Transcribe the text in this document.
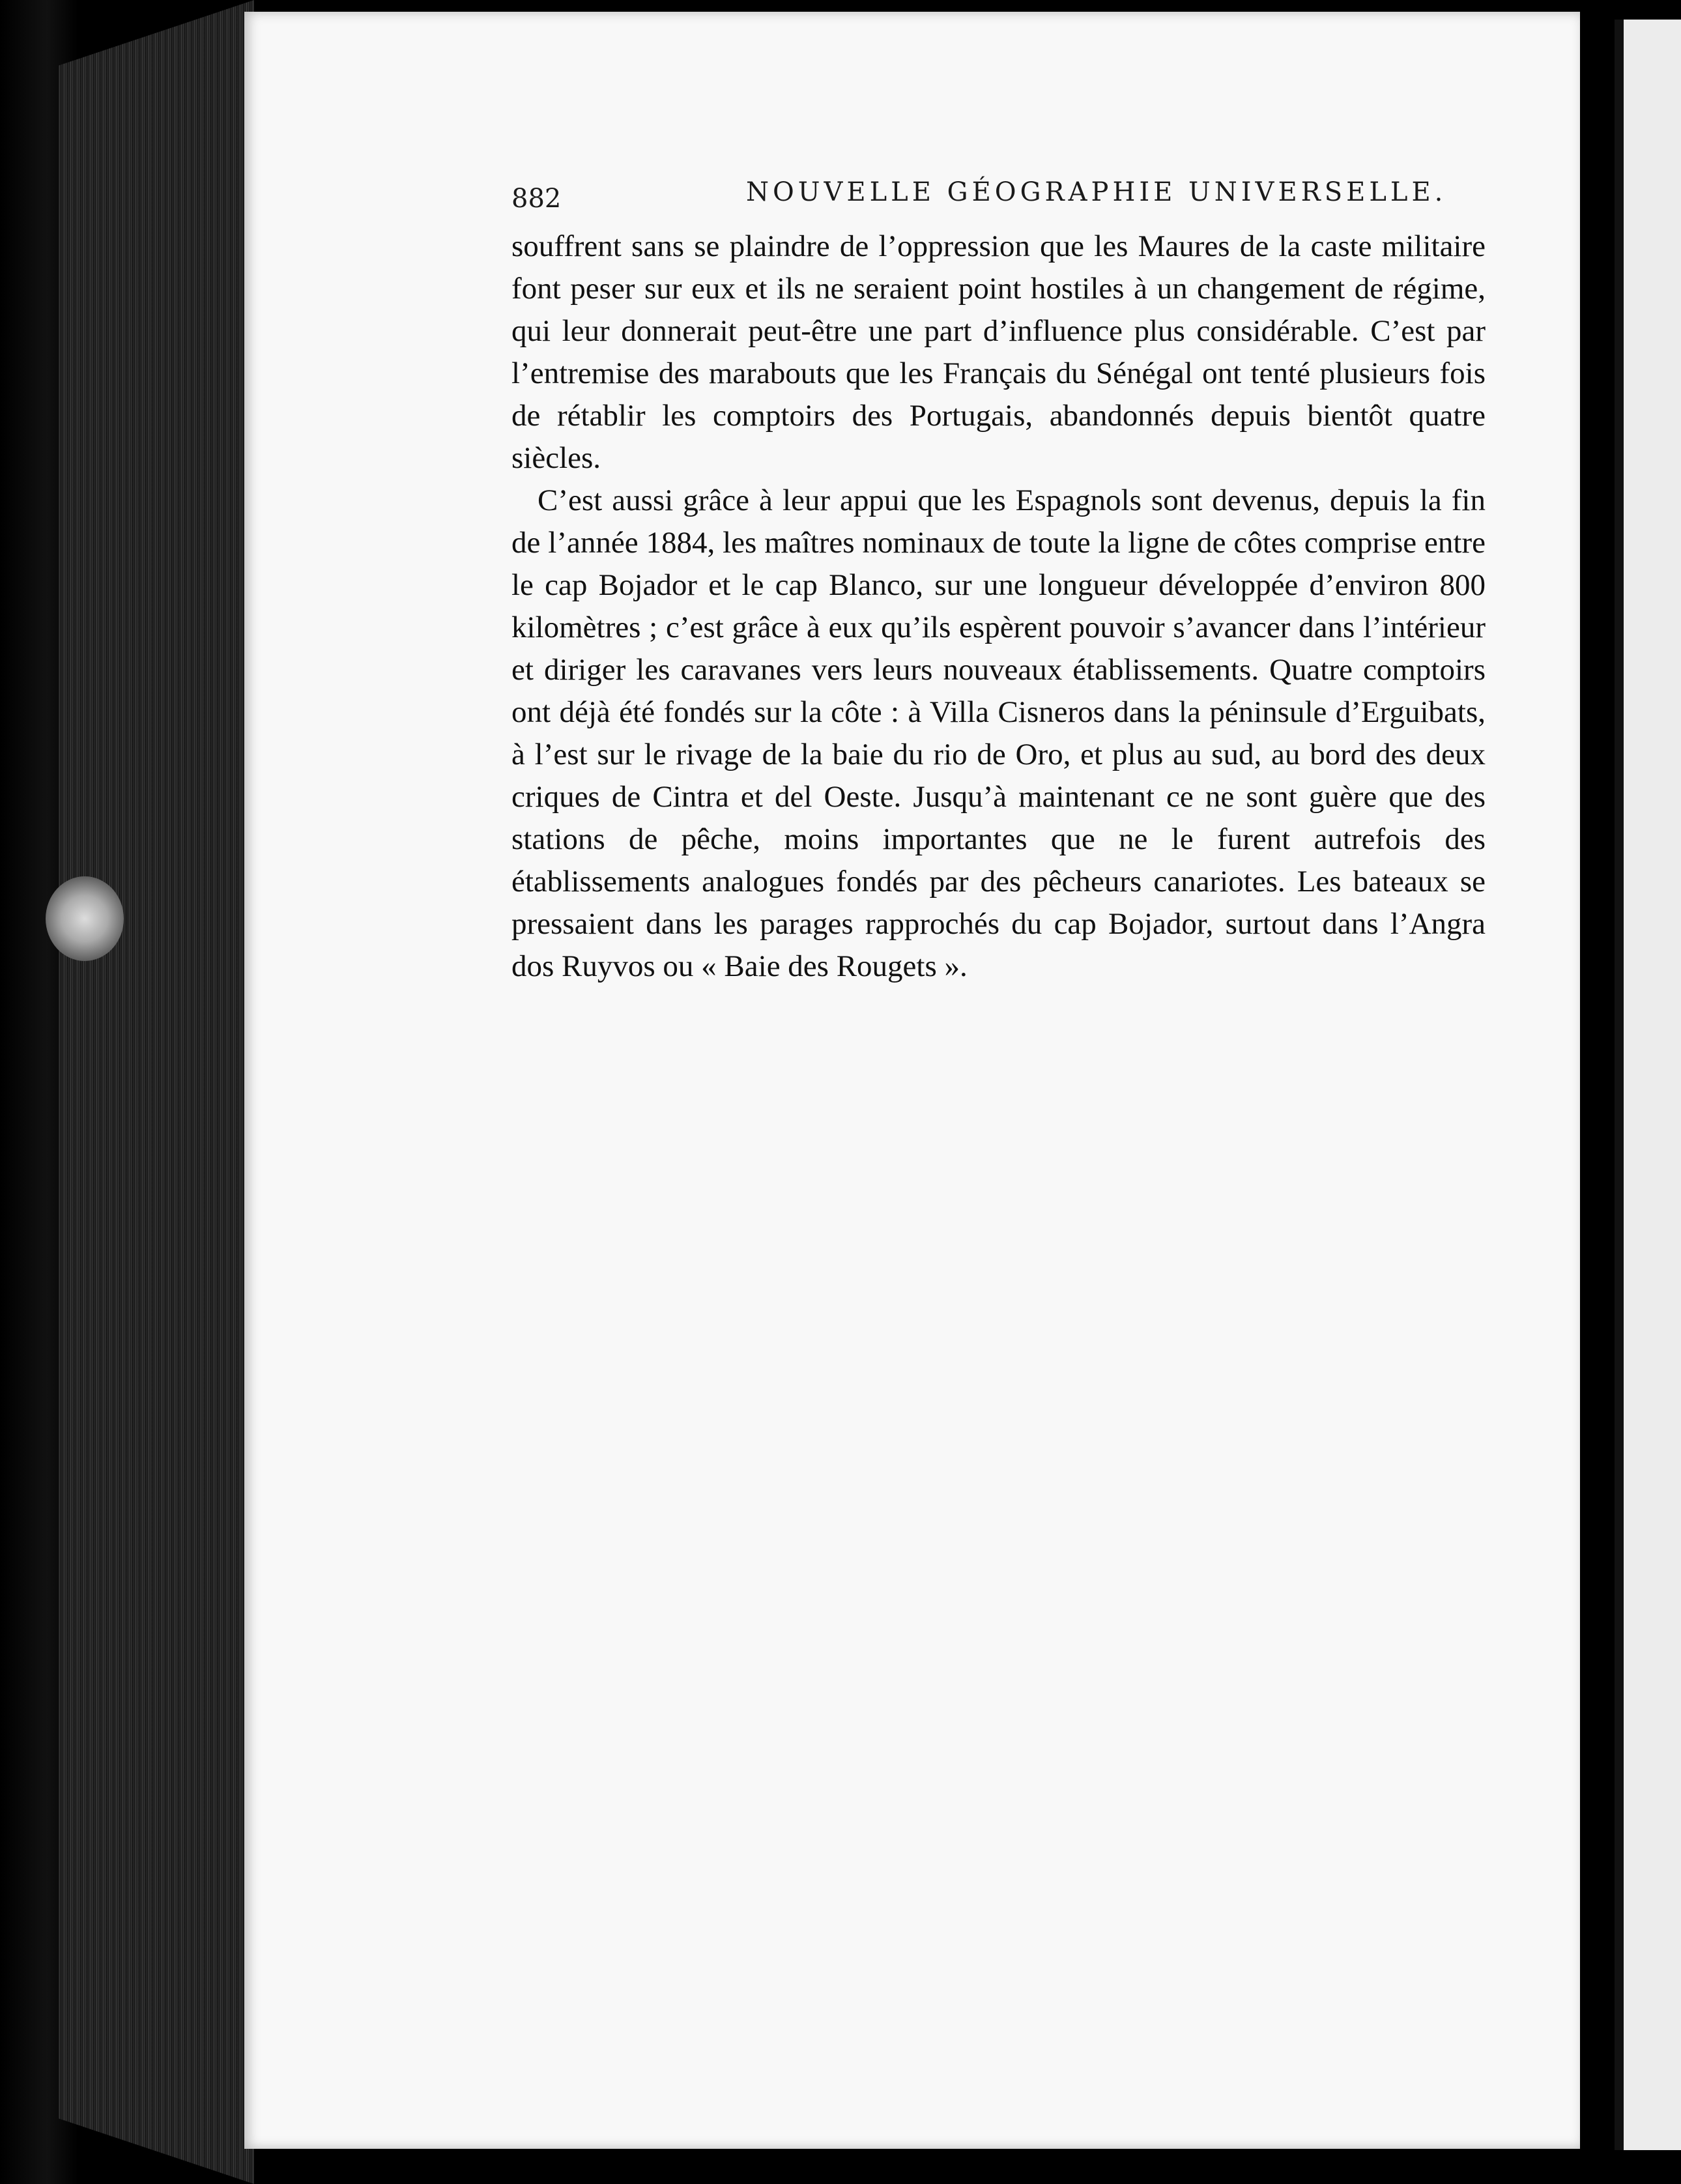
882	NOUVELLE GÉOGRAPHIE UNIVERSELLE.

souffrent sans se plaindre de l’oppression que les Maures de la caste militaire font peser sur eux et ils ne seraient point hostiles à un changement de régime, qui leur donnerait peut-être une part d’influence plus considérable. C’est par l’entremise des marabouts que les Français du Sénégal ont tenté plusieurs fois de rétablir les comptoirs des Portugais, abandonnés depuis bientôt quatre siècles.

C’est aussi grâce à leur appui que les Espagnols sont devenus, depuis la fin de l’année 1884, les maîtres nominaux de toute la ligne de côtes comprise entre le cap Bojador et le cap Blanco, sur une longueur développée d’environ 800 kilomètres ; c’est grâce à eux qu’ils espèrent pouvoir s’avancer dans l’intérieur et diriger les caravanes vers leurs nouveaux établissements. Quatre comptoirs ont déjà été fondés sur la côte : à Villa Cisneros dans la péninsule d’Erguibats, à l’est sur le rivage de la baie du rio de Oro, et plus au sud, au bord des deux criques de Cintra et del Oeste. Jusqu’à maintenant ce ne sont guère que des stations de pêche, moins importantes que ne le furent autrefois des établissements analogues fondés par des pêcheurs canariotes. Les bateaux se pressaient dans les parages rapprochés du cap Bojador, surtout dans l’Angra dos Ruyvos ou « Baie des Rougets ».
